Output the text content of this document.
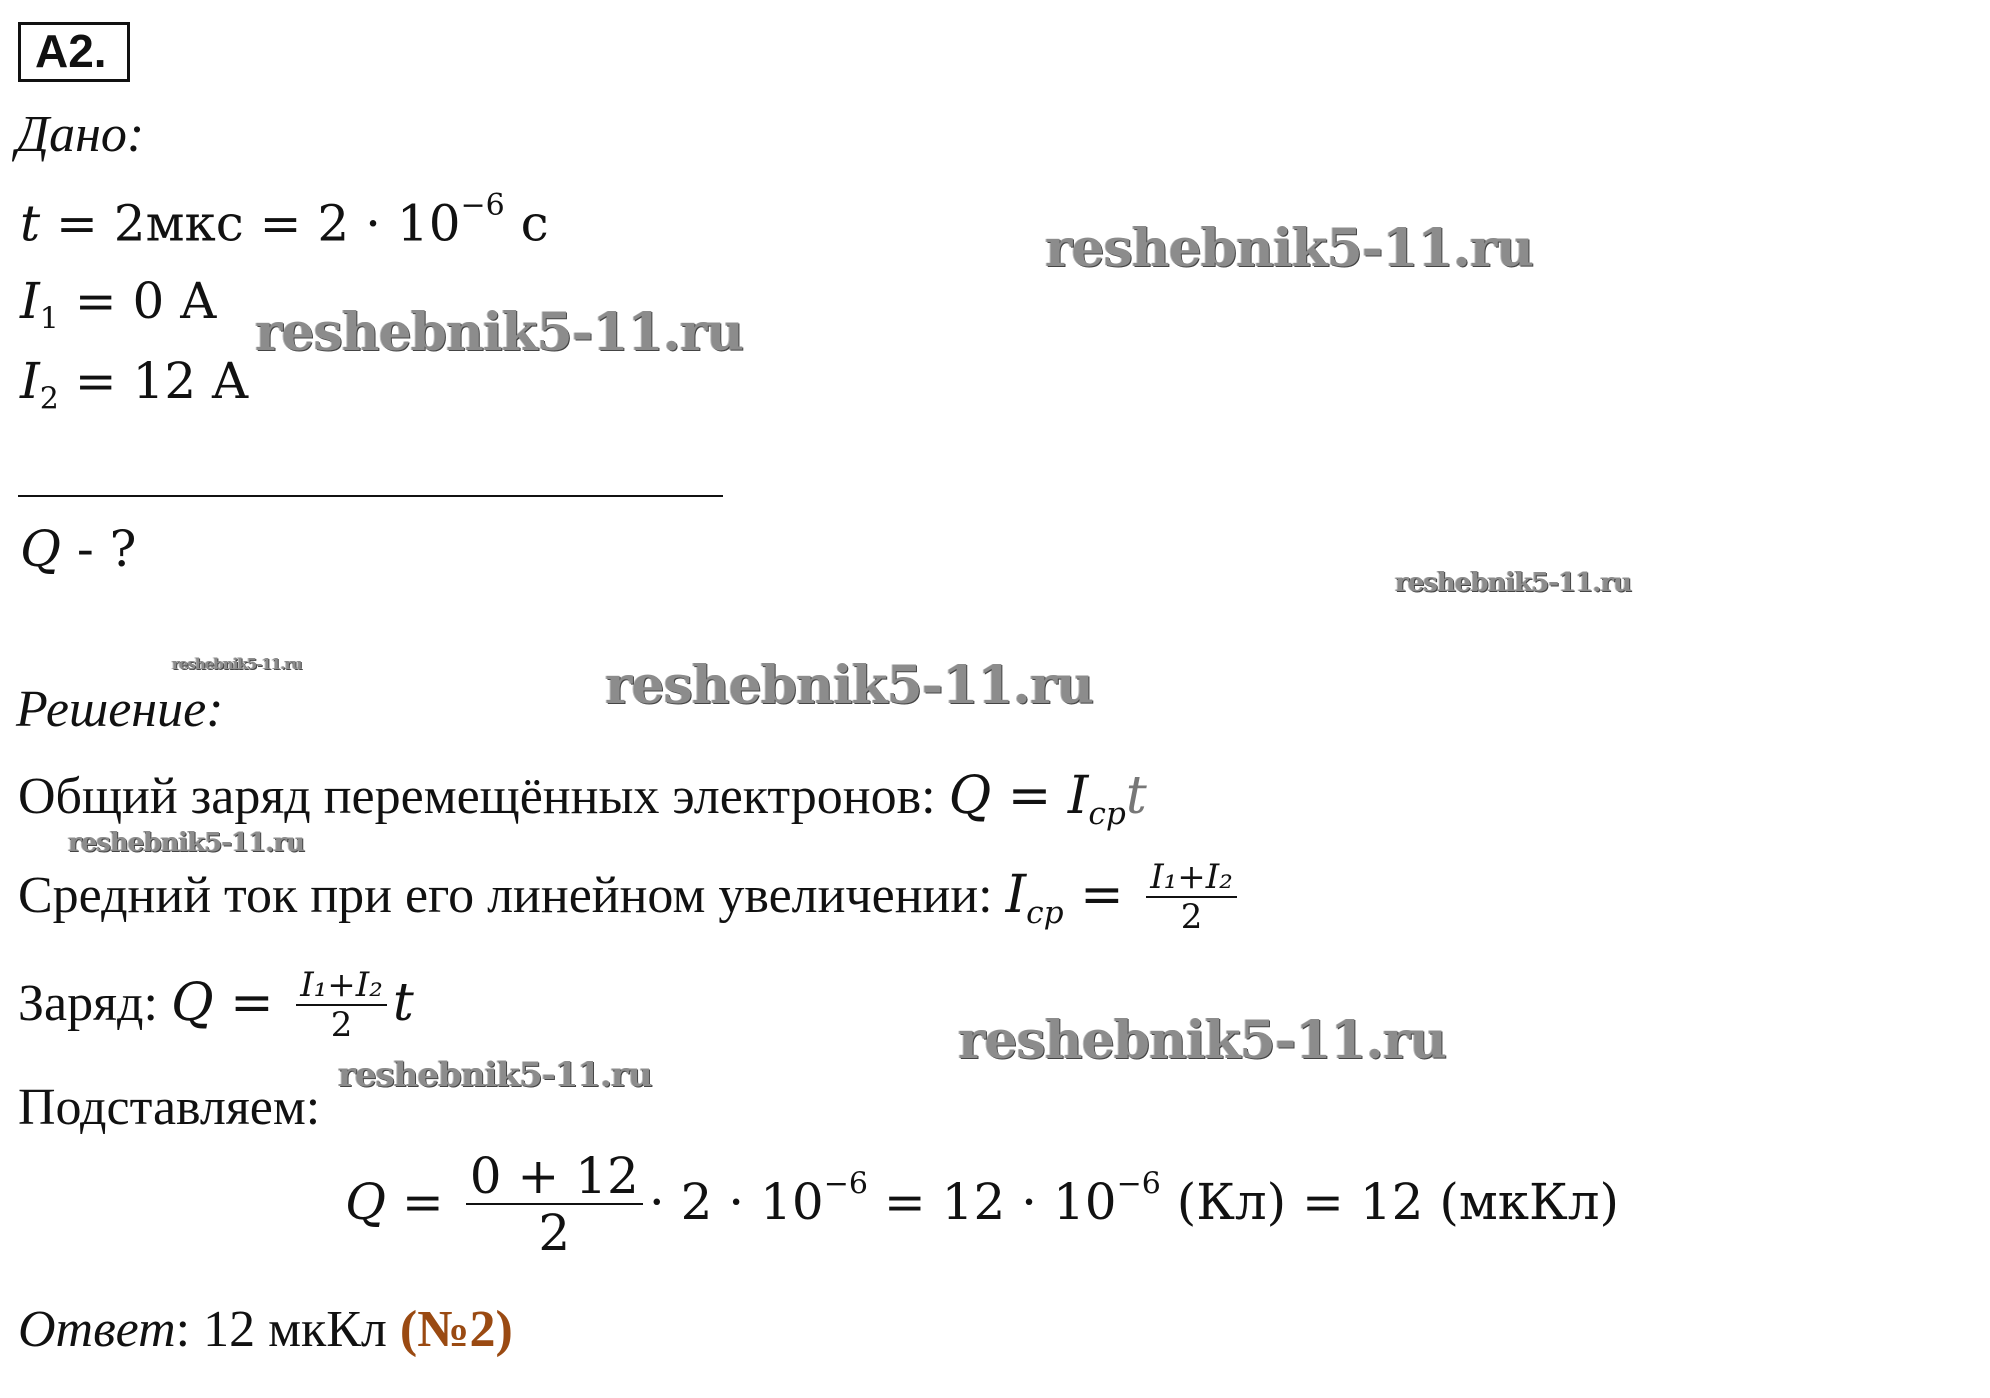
A2.
Дано:
$t = 2мкс = 2 \cdot 10^{-6}$ с
$I_1 = 0$ A
$I_2 = 12$ A
Q - ?
Решение:
Общий заряд перемещённых электронов: $Q = I_{ср}t$
Средний ток при его линейном увеличении: $I_{ср} = \frac{\text{I₁+I₂}}{2}$
Заряд: $Q = \frac{\text{I₁+I₂}}{2}$ t
Подставляем:
$Q = \frac{0 + 12}{2} \cdot 2 \cdot 10^{-6} = 12 \cdot 10^{-6}$ (Кл) = 12 (мкКл)
Ответ: 12 мкКл (№2)
reshebnik5-11.ru
reshebnik5-11.ru
reshebnik5-11.ru
reshebnik5-11.ru	reshebnik5-11.ru
reshebnik5-11.ru
reshebnik5-11.ru
reshebnik5-11.ru
